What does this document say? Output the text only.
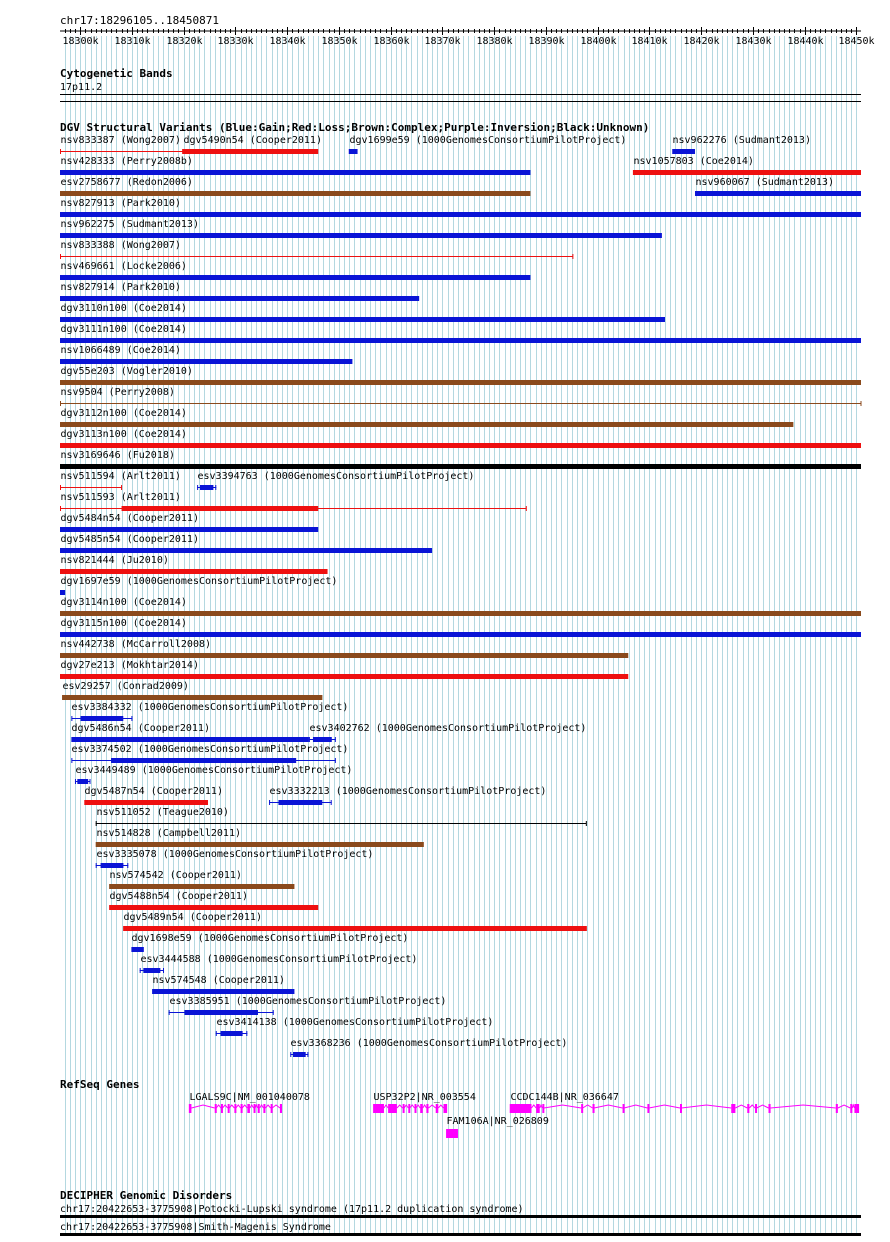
chr17:18296105..18450871
18300k 18310k 18320k 18330k 18340k 18350k 18360k 18370k 18380k 18390k 18400k 18410k 18420k 18430k 18440k 18450k
Cytogenetic Bands
17p11.2
DGV Structural Variants (Blue:Gain;Red:Loss;Brown:Complex;Purple:Inversion;Black:Unknown)
nsv833387 (Wong2007) dgv5490n54 (Cooper2011)	dgv1699e59 (1000GenomesConsortiumPilotProject)	nsv962276 (Sudmant2013)
nsv428333 (Perry2008b)	nsv1057803 (Coe2014)
esv2758677 (Redon2006)	nsv960067 (Sudmant2013)
nsv827913 (Park2010)
nsv962275 (Sudmant2013)
nsv833388 (Wong2007)
nsv469661 (Locke2006)
nsv827914 (Park2010)
dgv3110n100 (Coe2014)
dgv3111n100 (Coe2014)
nsv1066489 (Coe2014)
dgv55e203 (Vogler2010)
nsv9504 (Perry2008)
dgv3112n100 (Coe2014)
dgv3113n100 (Coe2014)
nsv3169646 (Fu2018)
nsv511594 (Arlt2011) esv3394763 (1000GenomesConsortiumPilotProject)
nsv511593 (Arlt2011)
dgv5484n54 (Cooper2011)
dgv5485n54 (Cooper2011)
nsv821444 (Ju2010)
dgv1697e59 (1000GenomesConsortiumPilotProject)
dgv3114n100 (Coe2014)
dgv3115n100 (Coe2014)
nsv442738 (McCarroll2008)
dgv27e213 (Mokhtar2014)
esv29257 (Conrad2009)
esv3384332 (1000GenomesConsortiumPilotProject)
dgv5486n54 (Cooper2011)	esv3402762 (1000GenomesConsortiumPilotProject)
esv3374502 (1000GenomesConsortiumPilotProject)
esv3449489 (1000GenomesConsortiumPilotProject)
dgv5487n54 (Cooper2011)	esv3332213 (1000GenomesConsortiumPilotProject)
nsv511052 (Teague2010)
nsv514828 (Campbell2011)
esv3335078 (1000GenomesConsortiumPilotProject)
nsv574542 (Cooper2011)
dgv5488n54 (Cooper2011)
dgv5489n54 (Cooper2011)
dgv1698e59 (1000GenomesConsortiumPilotProject)
esv3444588 (1000GenomesConsortiumPilotProject)
nsv574548 (Cooper2011)
esv3385951 (1000GenomesConsortiumPilotProject)
esv3414138 (1000GenomesConsortiumPilotProject)
esv3368236 (1000GenomesConsortiumPilotProject)
RefSeq Genes
LGALS9C|NM_001040078	USP32P2|NR_003554	CCDC144B|NR_036647
FAM106A|NR_026809
DECIPHER Genomic Disorders
chr17:20422653-3775908|Potocki-Lupski syndrome (17p11.2 duplication syndrome)
chr17:20422653-3775908|Smith-Magenis Syndrome
